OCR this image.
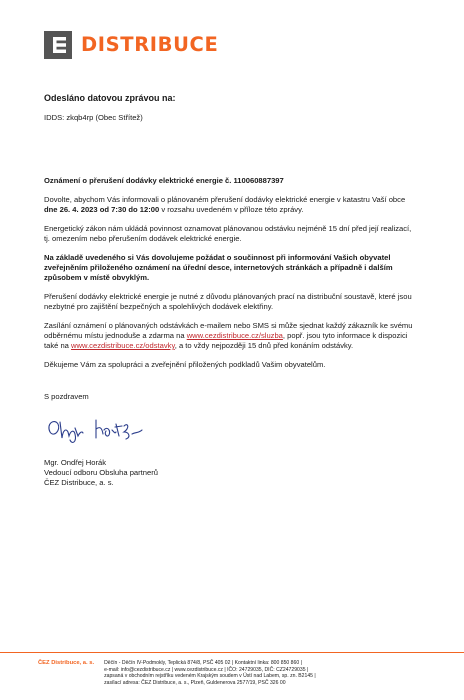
DISTRIBUCE

Odesláno datovou zprávou na:

IDDS: zkqb4rp (Obec Střítež)

Oznámení o přerušení dodávky elektrické energie č. 110060887397

Dovolte, abychom Vás informovali o plánovaném přerušení dodávky elektrické energie v katastru Vaší obce dne 26. 4. 2023 od 7:30 do 12:00 v rozsahu uvedeném v příloze této zprávy.

Energetický zákon nám ukládá povinnost oznamovat plánovanou odstávku nejméně 15 dní před její realizací, tj. omezením nebo přerušením dodávek elektrické energie.

Na základě uvedeného si Vás dovolujeme požádat o součinnost při informování Vašich obyvatel zveřejněním přiloženého oznámení na úřední desce, internetových stránkách a případně i dalším způsobem v místě obvyklým.

Přerušení dodávky elektrické energie je nutné z důvodu plánovaných prací na distribuční soustavě, které jsou nezbytné pro zajištění bezpečných a spolehlivých dodávek elektřiny.

Zasílání oznámení o plánovaných odstávkách e-mailem nebo SMS si může sjednat každý zákazník ke svému odběrnému místu jednoduše a zdarma na www.cezdistribuce.cz/sluzba, popř. jsou tyto informace k dispozici také na www.cezdistribuce.cz/odstavky, a to vždy nejpozději 15 dnů před konáním odstávky.

Děkujeme Vám za spolupráci a zveřejnění přiložených podkladů Vašim obyvatelům.

S pozdravem

Mgr. Ondřej Horák

Vedoucí odboru Obsluha partnerů

ČEZ Distribuce, a. s.

ČEZ Distribuce, a. s. Děčín - Děčín IV-Podmokly, Teplická 874/8, PSČ 405 02 | Kontaktní linka: 800 850 860 |
e-mail: info@cezdistribuce.cz | www.cezdistribuce.cz | IČO: 24729035, DIČ: CZ24729035 |
zapsaná v obchodním rejstříku vedeném Krajským soudem v Ústí nad Labem, sp. zn. B2145 |
zasílací adresa: ČEZ Distribuce, a. s., Plzeň, Guldenerova 2577/19, PSČ 326 00
